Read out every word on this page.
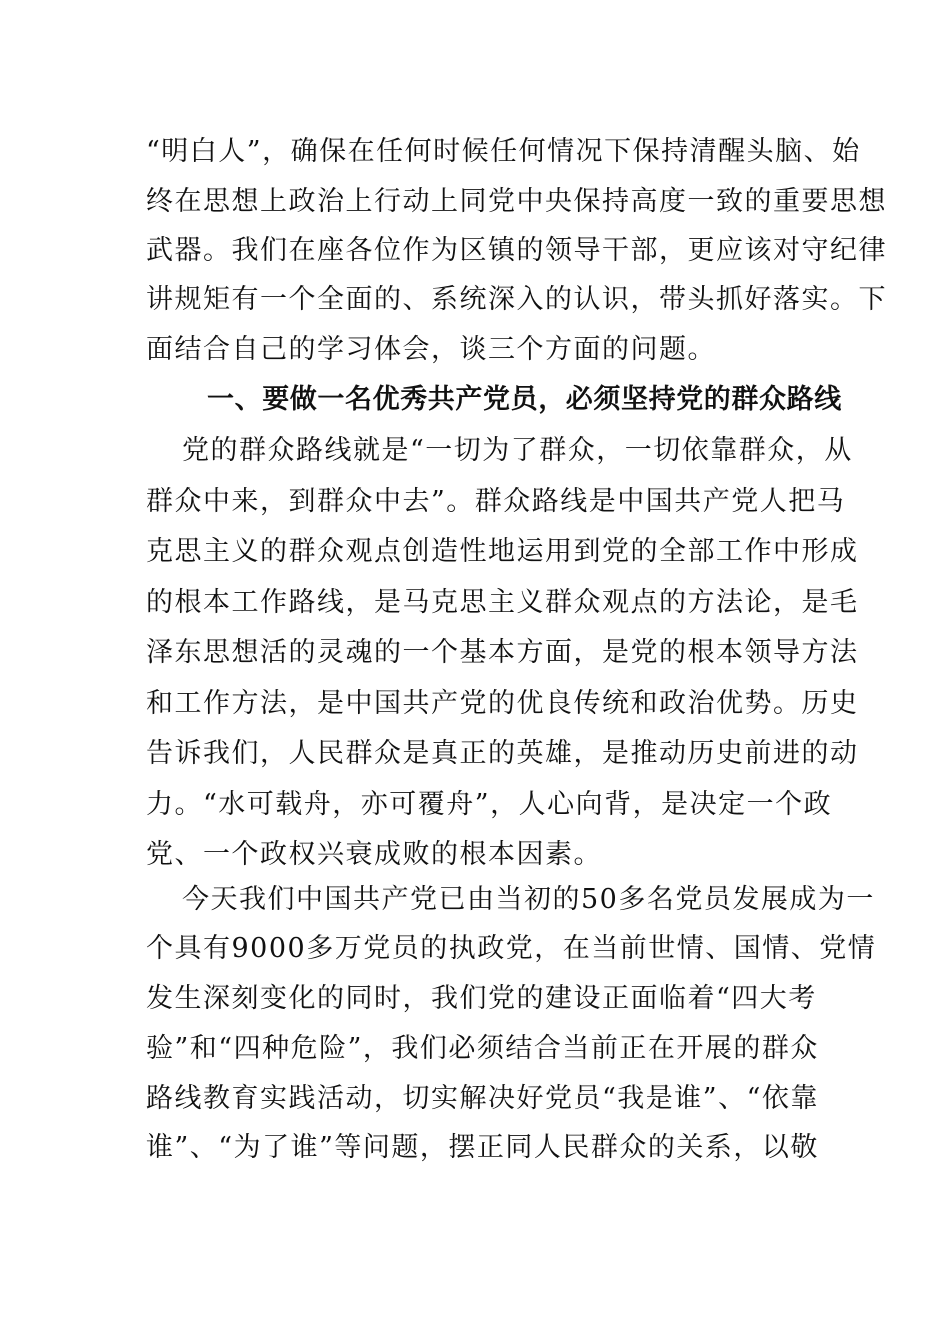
“明白人”，确保在任何时候任何情况下保持清醒头脑、始
终在思想上政治上行动上同党中央保持高度一致的重要思想
武器。我们在座各位作为区镇的领导干部，更应该对守纪律
讲规矩有一个全面的、系统深入的认识，带头抓好落实。下
面结合自己的学习体会，谈三个方面的问题。
一、要做一名优秀共产党员，必须坚持党的群众路线
党的群众路线就是“一切为了群众，一切依靠群众，从
群众中来，到群众中去”。群众路线是中国共产党人把马
克思主义的群众观点创造性地运用到党的全部工作中形成
的根本工作路线，是马克思主义群众观点的方法论，是毛
泽东思想活的灵魂的一个基本方面，是党的根本领导方法
和工作方法，是中国共产党的优良传统和政治优势。历史
告诉我们，人民群众是真正的英雄，是推动历史前进的动
力。“水可载舟，亦可覆舟”，人心向背，是决定一个政
党、一个政权兴衰成败的根本因素。
今天我们中国共产党已由当初的50多名党员发展成为一
个具有9000多万党员的执政党，在当前世情、国情、党情
发生深刻变化的同时，我们党的建设正面临着“四大考
验”和“四种危险”，我们必须结合当前正在开展的群众
路线教育实践活动，切实解决好党员“我是谁”、“依靠
谁”、“为了谁”等问题，摆正同人民群众的关系，以敬
